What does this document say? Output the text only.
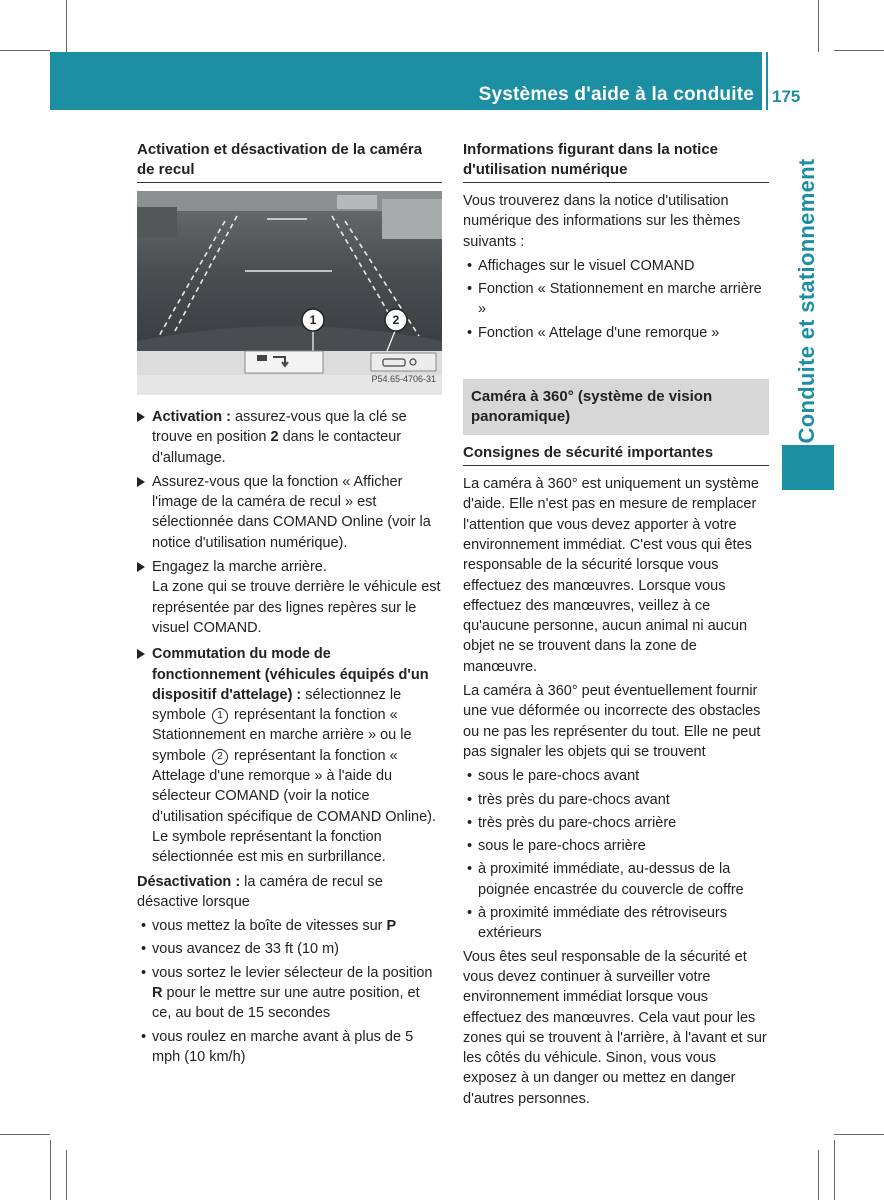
Systèmes d'aide à la conduite 175
Conduite et stationnement
Activation et désactivation de la caméra de recul
1	2
P54.65-4706-31
Activation : assurez-vous que la clé se trouve en position 2 dans le contacteur d'allumage.
Assurez-vous que la fonction « Afficher l'image de la caméra de recul » est sélectionnée dans COMAND Online (voir la notice d'utilisation numérique).
Engagez la marche arrière.
La zone qui se trouve derrière le véhicule est représentée par des lignes repères sur le visuel COMAND.
Commutation du mode de fonctionnement (véhicules équipés d'un dispositif d'attelage) : sélectionnez le symbole 1 représentant la fonction « Stationnement en marche arrière » ou le symbole 2 représentant la fonction « Attelage d'une remorque » à l'aide du sélecteur COMAND (voir la notice d'utilisation spécifique de COMAND Online).
Le symbole représentant la fonction sélectionnée est mis en surbrillance.

Désactivation : la caméra de recul se désactive lorsque

• vous mettez la boîte de vitesses sur P
• vous avancez de 33 ft (10 m)
• vous sortez le levier sélecteur de la position R pour le mettre sur une autre position, et ce, au bout de 15 secondes
• vous roulez en marche avant à plus de 5 mph (10 km/h)
Informations figurant dans la notice d'utilisation numérique

Vous trouverez dans la notice d'utilisation numérique des informations sur les thèmes suivants :

• Affichages sur le visuel COMAND
• Fonction « Stationnement en marche arrière »
• Fonction « Attelage d'une remorque »
Caméra à 360° (système de vision panoramique)
Consignes de sécurité importantes

La caméra à 360° est uniquement un système d'aide. Elle n'est pas en mesure de remplacer l'attention que vous devez apporter à votre environnement immédiat. C'est vous qui êtes responsable de la sécurité lorsque vous effectuez des manœuvres. Lorsque vous effectuez des manœuvres, veillez à ce qu'aucune personne, aucun animal ni aucun objet ne se trouvent dans la zone de manœuvre.

La caméra à 360° peut éventuellement fournir une vue déformée ou incorrecte des obstacles ou ne pas les représenter du tout. Elle ne peut pas signaler les objets qui se trouvent

• sous le pare-chocs avant
• très près du pare-chocs avant
• très près du pare-chocs arrière
• sous le pare-chocs arrière
• à proximité immédiate, au-dessus de la poignée encastrée du couvercle de coffre
• à proximité immédiate des rétroviseurs extérieurs

Vous êtes seul responsable de la sécurité et vous devez continuer à surveiller votre environnement immédiat lorsque vous effectuez des manœuvres. Cela vaut pour les zones qui se trouvent à l'arrière, à l'avant et sur les côtés du véhicule. Sinon, vous vous exposez à un danger ou mettez en danger d'autres personnes.
